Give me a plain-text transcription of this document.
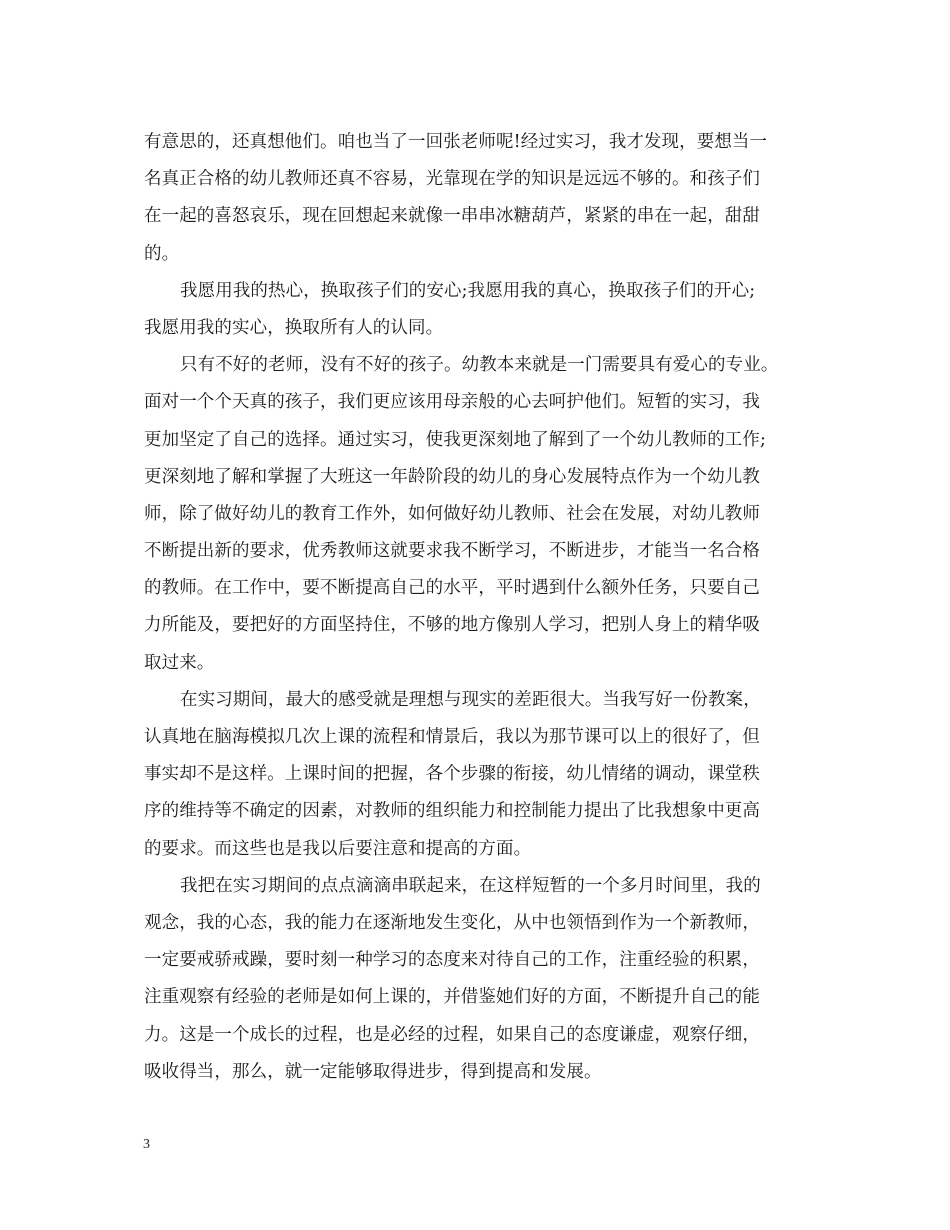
有意思的，还真想他们。咱也当了一回张老师呢!经过实习，我才发现，要想当一
名真正合格的幼儿教师还真不容易，光靠现在学的知识是远远不够的。和孩子们
在一起的喜怒哀乐，现在回想起来就像一串串冰糖葫芦，紧紧的串在一起，甜甜
的。
我愿用我的热心，换取孩子们的安心;我愿用我的真心，换取孩子们的开心;
我愿用我的实心，换取所有人的认同。
只有不好的老师，没有不好的孩子。幼教本来就是一门需要具有爱心的专业。
面对一个个天真的孩子，我们更应该用母亲般的心去呵护他们。短暂的实习，我
更加坚定了自己的选择。通过实习，使我更深刻地了解到了一个幼儿教师的工作;
更深刻地了解和掌握了大班这一年龄阶段的幼儿的身心发展特点作为一个幼儿教
师，除了做好幼儿的教育工作外，如何做好幼儿教师、社会在发展，对幼儿教师
不断提出新的要求，优秀教师这就要求我不断学习，不断进步，才能当一名合格
的教师。在工作中，要不断提高自己的水平，平时遇到什么额外任务，只要自己
力所能及，要把好的方面坚持住，不够的地方像别人学习，把别人身上的精华吸
取过来。
在实习期间，最大的感受就是理想与现实的差距很大。当我写好一份教案，
认真地在脑海模拟几次上课的流程和情景后，我以为那节课可以上的很好了，但
事实却不是这样。上课时间的把握，各个步骤的衔接，幼儿情绪的调动，课堂秩
序的维持等不确定的因素，对教师的组织能力和控制能力提出了比我想象中更高
的要求。而这些也是我以后要注意和提高的方面。
我把在实习期间的点点滴滴串联起来，在这样短暂的一个多月时间里，我的
观念，我的心态，我的能力在逐渐地发生变化，从中也领悟到作为一个新教师，
一定要戒骄戒躁，要时刻一种学习的态度来对待自己的工作，注重经验的积累，
注重观察有经验的老师是如何上课的，并借鉴她们好的方面，不断提升自己的能
力。这是一个成长的过程，也是必经的过程，如果自己的态度谦虚，观察仔细，
吸收得当，那么，就一定能够取得进步，得到提高和发展。
3
